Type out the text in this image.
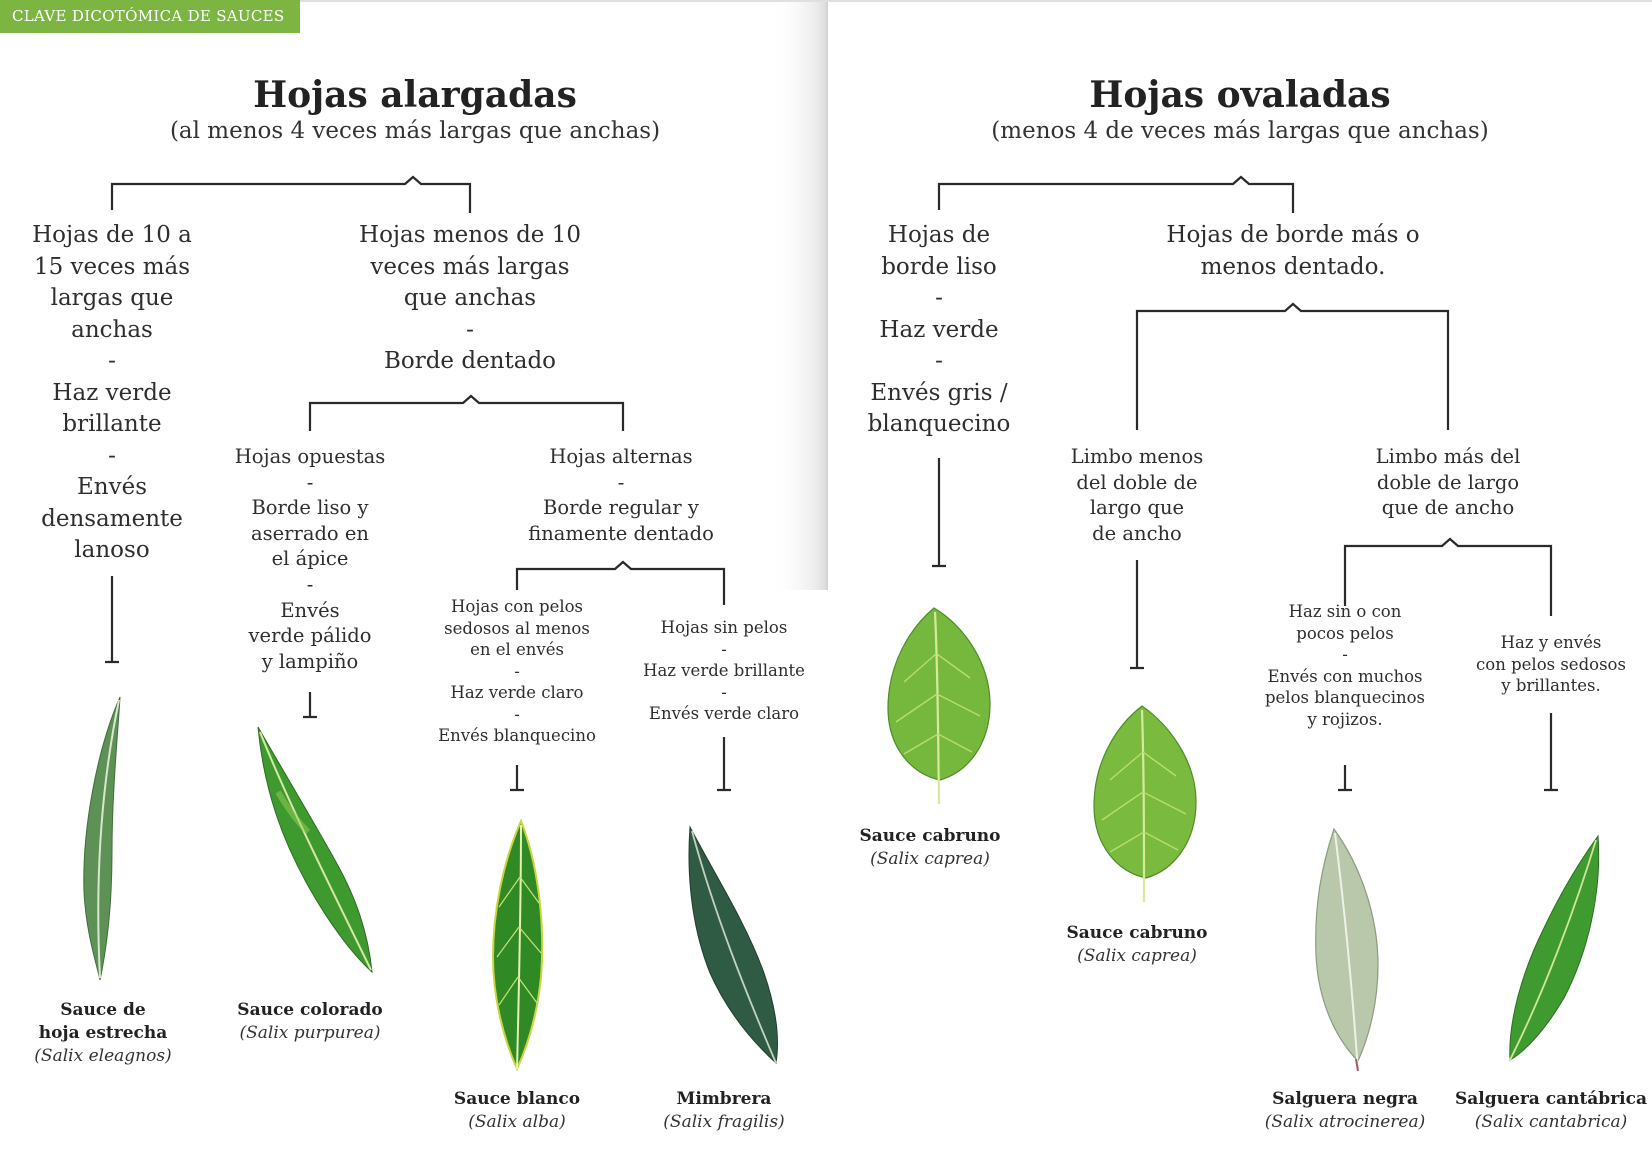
CLAVE DICOTÓMICA DE SAUCES
Hojas alargadas
(al menos 4 veces más largas que anchas)
Hojas ovaladas
(menos 4 de veces más largas que anchas)
Hojas de 10 a
15 veces más
largas que
anchas
-
Haz verde
brillante
-
Envés
densamente
lanoso
Hojas menos de 10
veces más largas
que anchas
-
Borde dentado
Hojas opuestas
-
Borde liso y
aserrado en
el ápice
-
Envés
verde pálido
y lampiño
Hojas alternas
-
Borde regular y
finamente dentado
Hojas con pelos
sedosos al menos
en el envés
-
Haz verde claro
-
Envés blanquecino
Hojas sin pelos
-
Haz verde brillante
-
Envés verde claro
Hojas de
borde liso
-
Haz verde
-
Envés gris /
blanquecino
Hojas de borde más o
menos dentado.
Limbo menos
del doble de
largo que
de ancho
Limbo más del
doble de largo
que de ancho
Haz sin o con
pocos pelos
-
Envés con muchos
pelos blanquecinos
y rojizos.
Haz y envés
con pelos sedosos
y brillantes.
Sauce de
hoja estrecha
(Salix eleagnos)
Sauce colorado
(Salix purpurea)
Sauce blanco
(Salix alba)
Mimbrera
(Salix fragilis)
Sauce cabruno
(Salix caprea)
Sauce cabruno
(Salix caprea)
Salguera negra
(Salix atrocinerea)
Salguera cantábrica
(Salix cantabrica)
